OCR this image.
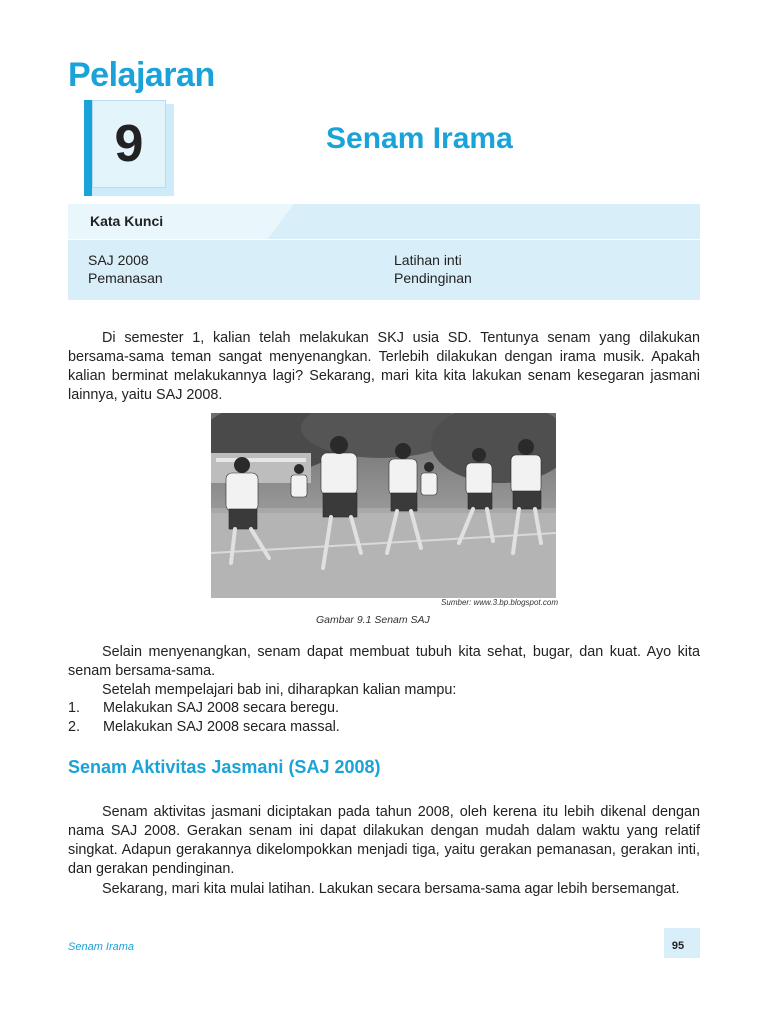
Pelajaran
9	Senam Irama
Kata Kunci
SAJ 2008
Pemanasan
Latihan inti
Pendinginan

Di semester 1, kalian telah melakukan SKJ usia SD. Tentunya senam yang dilakukan bersama-sama teman sangat menyenangkan. Terlebih dilakukan dengan irama musik. Apakah kalian berminat melakukannya lagi? Sekarang, mari kita kita lakukan senam kesegaran jasmani lainnya, yaitu SAJ 2008.

Sumber: www.3.bp.blogspot.com
Gambar 9.1 Senam SAJ

Selain menyenangkan, senam dapat membuat tubuh kita sehat, bugar, dan kuat. Ayo kita senam bersama-sama.

Setelah mempelajari bab ini, diharapkan kalian mampu:

1. Melakukan SAJ 2008 secara beregu.
2. Melakukan SAJ 2008 secara massal.
Senam Aktivitas Jasmani (SAJ 2008)

Senam aktivitas jasmani diciptakan pada tahun 2008, oleh kerena itu lebih dikenal dengan nama SAJ 2008. Gerakan senam ini dapat dilakukan dengan mudah dalam waktu yang relatif singkat. Adapun gerakannya dikelompokkan menjadi tiga, yaitu gerakan pemanasan, gerakan inti, dan gerakan pendinginan.

Sekarang, mari kita mulai latihan. Lakukan secara bersama-sama agar lebih bersemangat.

Senam Irama	95
